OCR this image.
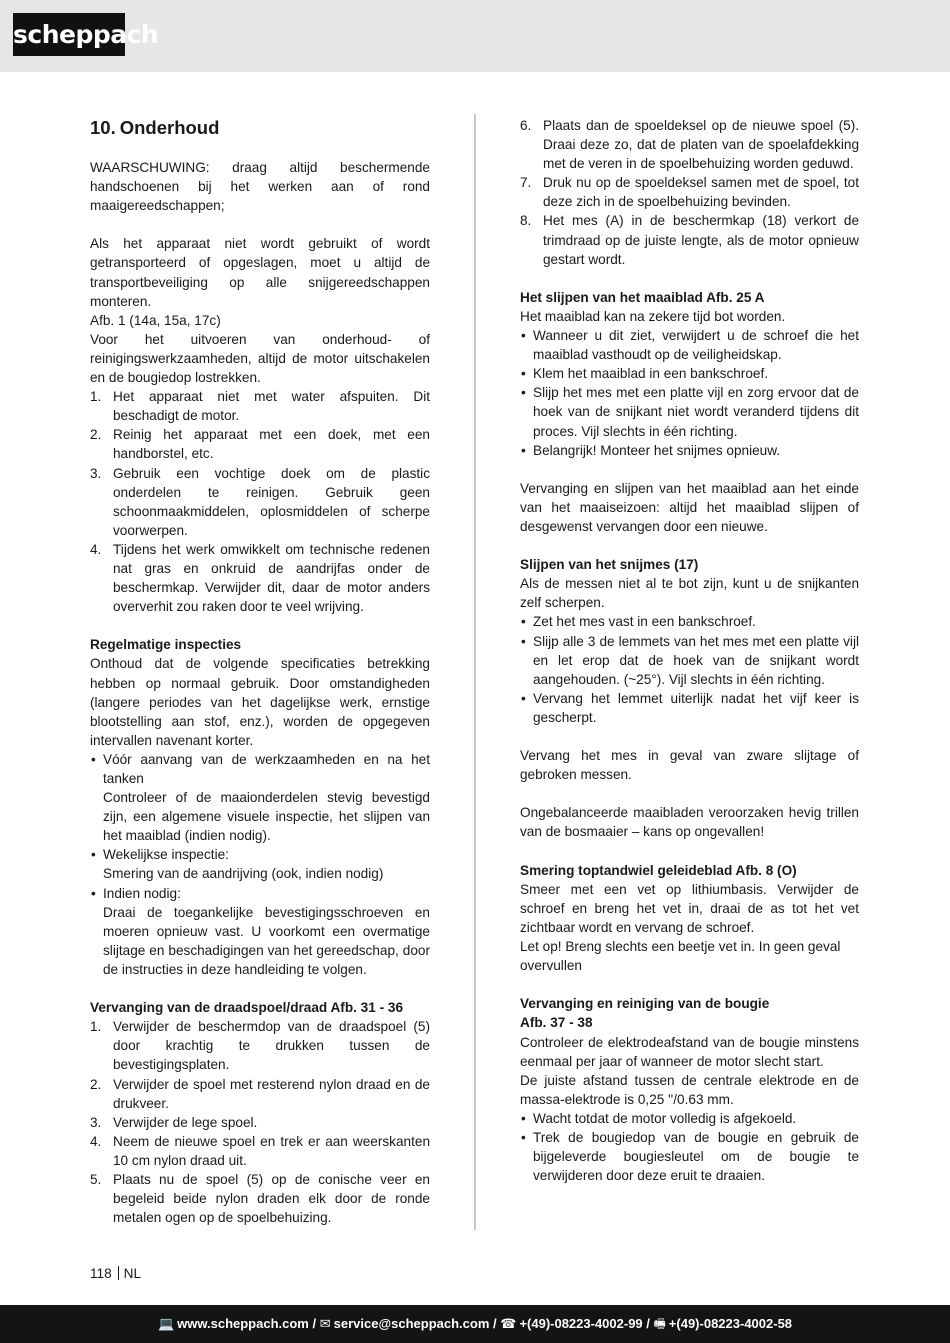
scheppach
10. Onderhoud

WAARSCHUWING: draag altijd beschermende handschoenen bij het werken aan of rond maaigereedschappen;

Als het apparaat niet wordt gebruikt of wordt getransporteerd of opgeslagen, moet u altijd de transportbeveiliging op alle snijgereedschappen monteren.

Afb. 1 (14a, 15a, 17c)

Voor het uitvoeren van onderhoud- of reinigingswerkzaamheden, altijd de motor uitschakelen en de bougiedop lostrekken.

1. Het apparaat niet met water afspuiten. Dit beschadigt de motor.
2. Reinig het apparaat met een doek, met een handborstel, etc.
3. Gebruik een vochtige doek om de plastic onderdelen te reinigen. Gebruik geen schoonmaakmiddelen, oplosmiddelen of scherpe voorwerpen.
4. Tijdens het werk omwikkelt om technische redenen nat gras en onkruid de aandrijfas onder de beschermkap. Verwijder dit, daar de motor anders oververhit zou raken door te veel wrijving.

Regelmatige inspecties

Onthoud dat de volgende specificaties betrekking hebben op normaal gebruik. Door omstandigheden (langere periodes van het dagelijkse werk, ernstige blootstelling aan stof, enz.), worden de opgegeven intervallen navenant korter.

• Vóór aanvang van de werkzaamheden en na het tanken
Controleer of de maaionderdelen stevig bevestigd zijn, een algemene visuele inspectie, het slijpen van het maaiblad (indien nodig).
• Wekelijkse inspectie:
Smering van de aandrijving (ook, indien nodig)
• Indien nodig:
Draai de toegankelijke bevestigingsschroeven en moeren opnieuw vast. U voorkomt een overmatige slijtage en beschadigingen van het gereedschap, door de instructies in deze handleiding te volgen.

Vervanging van de draadspoel/draad Afb. 31 - 36

1. Verwijder de beschermdop van de draadspoel (5) door krachtig te drukken tussen de bevestigingsplaten.
2. Verwijder de spoel met resterend nylon draad en de drukveer.
3. Verwijder de lege spoel.
4. Neem de nieuwe spoel en trek er aan weerskanten 10 cm nylon draad uit.
5. Plaats nu de spoel (5) op de conische veer en begeleid beide nylon draden elk door de ronde metalen ogen op de spoelbehuizing.
6. Plaats dan de spoeldeksel op de nieuwe spoel (5). Draai deze zo, dat de platen van de spoelafdekking met de veren in de spoelbehuizing worden geduwd.
7. Druk nu op de spoeldeksel samen met de spoel, tot deze zich in de spoelbehuizing bevinden.
8. Het mes (A) in de beschermkap (18) verkort de trimdraad op de juiste lengte, als de motor opnieuw gestart wordt.

Het slijpen van het maaiblad Afb. 25 A

Het maaiblad kan na zekere tijd bot worden.

• Wanneer u dit ziet, verwijdert u de schroef die het maaiblad vasthoudt op de veiligheidskap.
• Klem het maaiblad in een bankschroef.
• Slijp het mes met een platte vijl en zorg ervoor dat de hoek van de snijkant niet wordt veranderd tijdens dit proces. Vijl slechts in één richting.
• Belangrijk! Monteer het snijmes opnieuw.

Vervanging en slijpen van het maaiblad aan het einde van het maaiseizoen: altijd het maaiblad slijpen of desgewenst vervangen door een nieuwe.

Slijpen van het snijmes (17)

Als de messen niet al te bot zijn, kunt u de snijkanten zelf scherpen.

• Zet het mes vast in een bankschroef.
• Slijp alle 3 de lemmets van het mes met een platte vijl en let erop dat de hoek van de snijkant wordt aangehouden. (~25°). Vijl slechts in één richting.
• Vervang het lemmet uiterlijk nadat het vijf keer is gescherpt.

Vervang het mes in geval van zware slijtage of gebroken messen.

Ongebalanceerde maaibladen veroorzaken hevig trillen van de bosmaaier – kans op ongevallen!

Smering toptandwiel geleideblad Afb. 8 (O)

Smeer met een vet op lithiumbasis. Verwijder de schroef en breng het vet in, draai de as tot het vet zichtbaar wordt en vervang de schroef.

Let op! Breng slechts een beetje vet in. In geen geval overvullen

Vervanging en reiniging van de bougie

Afb. 37 - 38

Controleer de elektrodeafstand van de bougie minstens eenmaal per jaar of wanneer de motor slecht start.

De juiste afstand tussen de centrale elektrode en de massa-elektrode is 0,25 ''/0.63 mm.

• Wacht totdat de motor volledig is afgekoeld.
• Trek de bougiedop van de bougie en gebruik de bijgeleverde bougiesleutel om de bougie te verwijderen door deze eruit te draaien.
118 NL
💻 www.scheppach.com / ✉ service@scheppach.com / ☎ +(49)-08223-4002-99 / 🖷 +(49)-08223-4002-58
